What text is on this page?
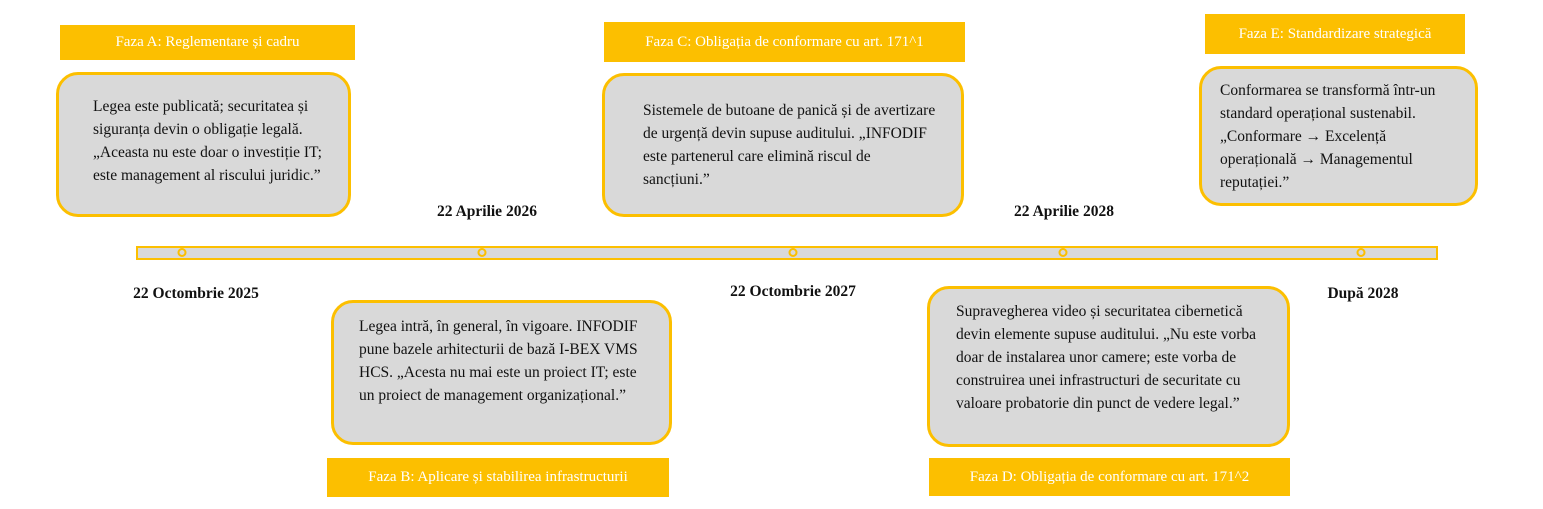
Faza A: Reglementare și cadru	Faza C: Obligația de conformare cu art. 171^1	Faza E: Standardizare strategică
Faza B: Aplicare și stabilirea infrastructurii	Faza D: Obligația de conformare cu art. 171^2

Legea este publicată; securitatea și siguranța devin o obligație legală. „Aceasta nu este doar o investiție IT; este management al riscului juridic.”

Sistemele de butoane de panică și de avertizare de urgență devin supuse auditului. „INFODIF este partenerul care elimină riscul de sancțiuni.”

Conformarea se transformă într-un standard operațional sustenabil. „Conformare → Excelență operațională → Managementul reputației.”

Legea intră, în general, în vigoare. INFODIF pune bazele arhitecturii de bază I-BEX VMS HCS. „Acesta nu mai este un proiect IT; este un proiect de management organizațional.”

Supravegherea video și securitatea cibernetică devin elemente supuse auditului. „Nu este vorba doar de instalarea unor camere; este vorba de construirea unei infrastructuri de securitate cu valoare probatorie din punct de vedere legal.”

22 Octombrie 2025
22 Aprilie 2026
22 Octombrie 2027
22 Aprilie 2028
După 2028
